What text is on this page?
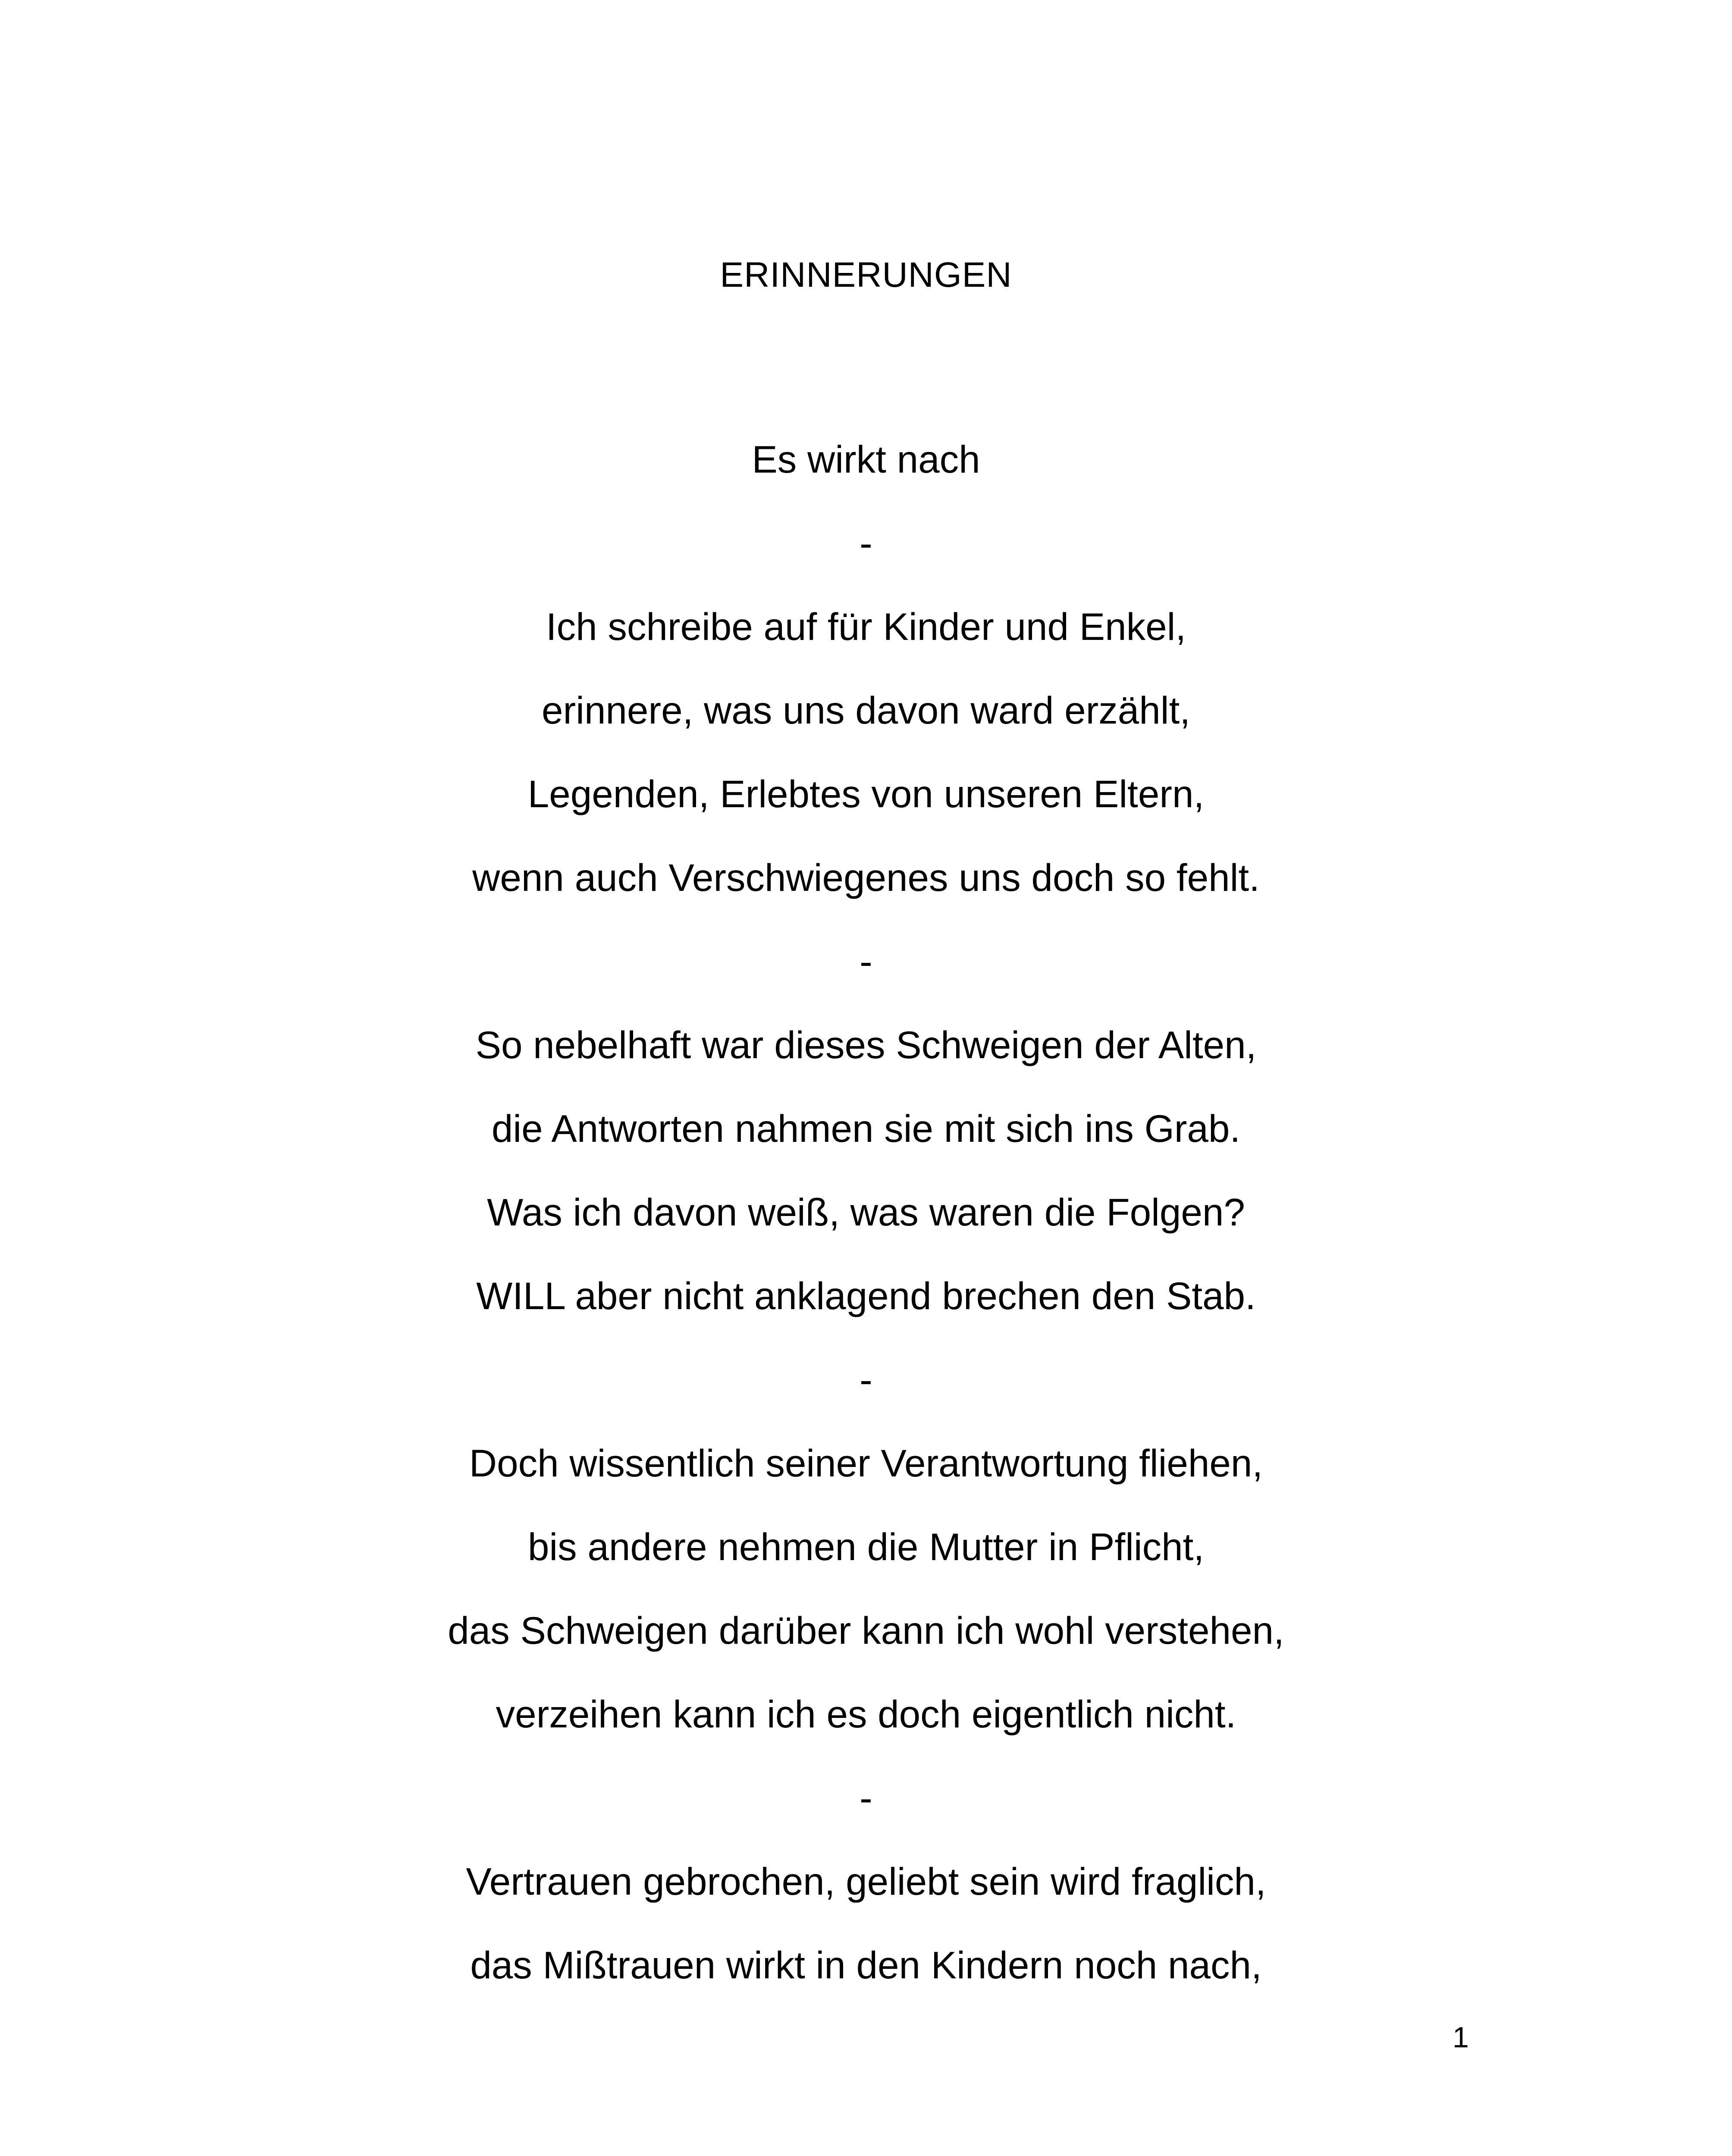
ERINNERUNGEN
Es wirkt nach
-
Ich schreibe auf für Kinder und Enkel,
erinnere, was uns davon ward erzählt,
Legenden, Erlebtes von unseren Eltern,
wenn auch Verschwiegenes uns doch so fehlt.
-
So nebelhaft war dieses Schweigen der Alten,
die Antworten nahmen sie mit sich ins Grab.
Was ich davon weiß, was waren die Folgen?
WILL aber nicht anklagend brechen den Stab.
-
Doch wissentlich seiner Verantwortung fliehen,
bis andere nehmen die Mutter in Pflicht,
das Schweigen darüber kann ich wohl verstehen,
verzeihen kann ich es doch eigentlich nicht.
-
Vertrauen gebrochen, geliebt sein wird fraglich,
das Mißtrauen wirkt in den Kindern noch nach,
1
